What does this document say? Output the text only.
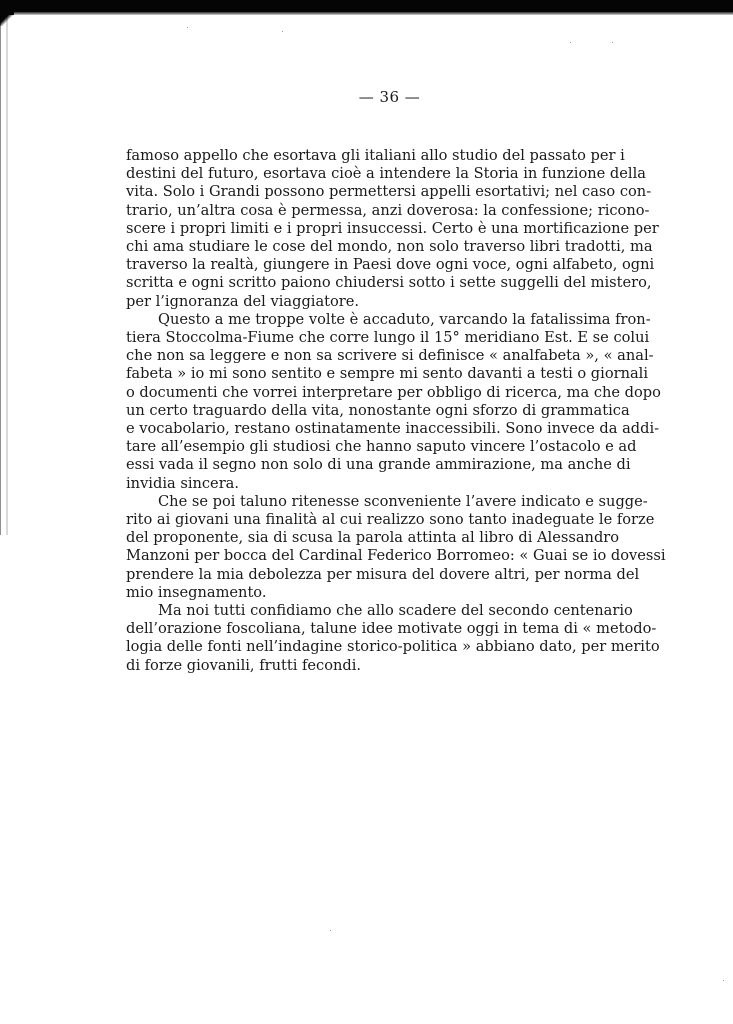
— 36 —

famoso appello che esortava gli italiani allo studio del passato per i
destini del futuro, esortava cioè a intendere la Storia in funzione della
vita. Solo i Grandi possono permettersi appelli esortativi; nel caso con-
trario, un’altra cosa è permessa, anzi doverosa: la confessione; ricono-
scere i propri limiti e i propri insuccessi. Certo è una mortificazione per
chi ama studiare le cose del mondo, non solo traverso libri tradotti, ma
traverso la realtà, giungere in Paesi dove ogni voce, ogni alfabeto, ogni
scritta e ogni scritto paiono chiudersi sotto i sette suggelli del mistero,
per l’ignoranza del viaggiatore.

Questo a me troppe volte è accaduto, varcando la fatalissima fron-
tiera Stoccolma-Fiume che corre lungo il 15° meridiano Est. E se colui
che non sa leggere e non sa scrivere si definisce « analfabeta », « anal-
fabeta » io mi sono sentito e sempre mi sento davanti a testi o giornali
o documenti che vorrei interpretare per obbligo di ricerca, ma che dopo
un certo traguardo della vita, nonostante ogni sforzo di grammatica
e vocabolario, restano ostinatamente inaccessibili. Sono invece da addi-
tare all’esempio gli studiosi che hanno saputo vincere l’ostacolo e ad
essi vada il segno non solo di una grande ammirazione, ma anche di
invidia sincera.

Che se poi taluno ritenesse sconveniente l’avere indicato e sugge-
rito ai giovani una finalità al cui realizzo sono tanto inadeguate le forze
del proponente, sia di scusa la parola attinta al libro di Alessandro
Manzoni per bocca del Cardinal Federico Borromeo: « Guai se io dovessi
prendere la mia debolezza per misura del dovere altri, per norma del
mio insegnamento.

Ma noi tutti confidiamo che allo scadere del secondo centenario
dell’orazione foscoliana, talune idee motivate oggi in tema di « metodo-
logia delle fonti nell’indagine storico-politica » abbiano dato, per merito
di forze giovanili, frutti fecondi.
